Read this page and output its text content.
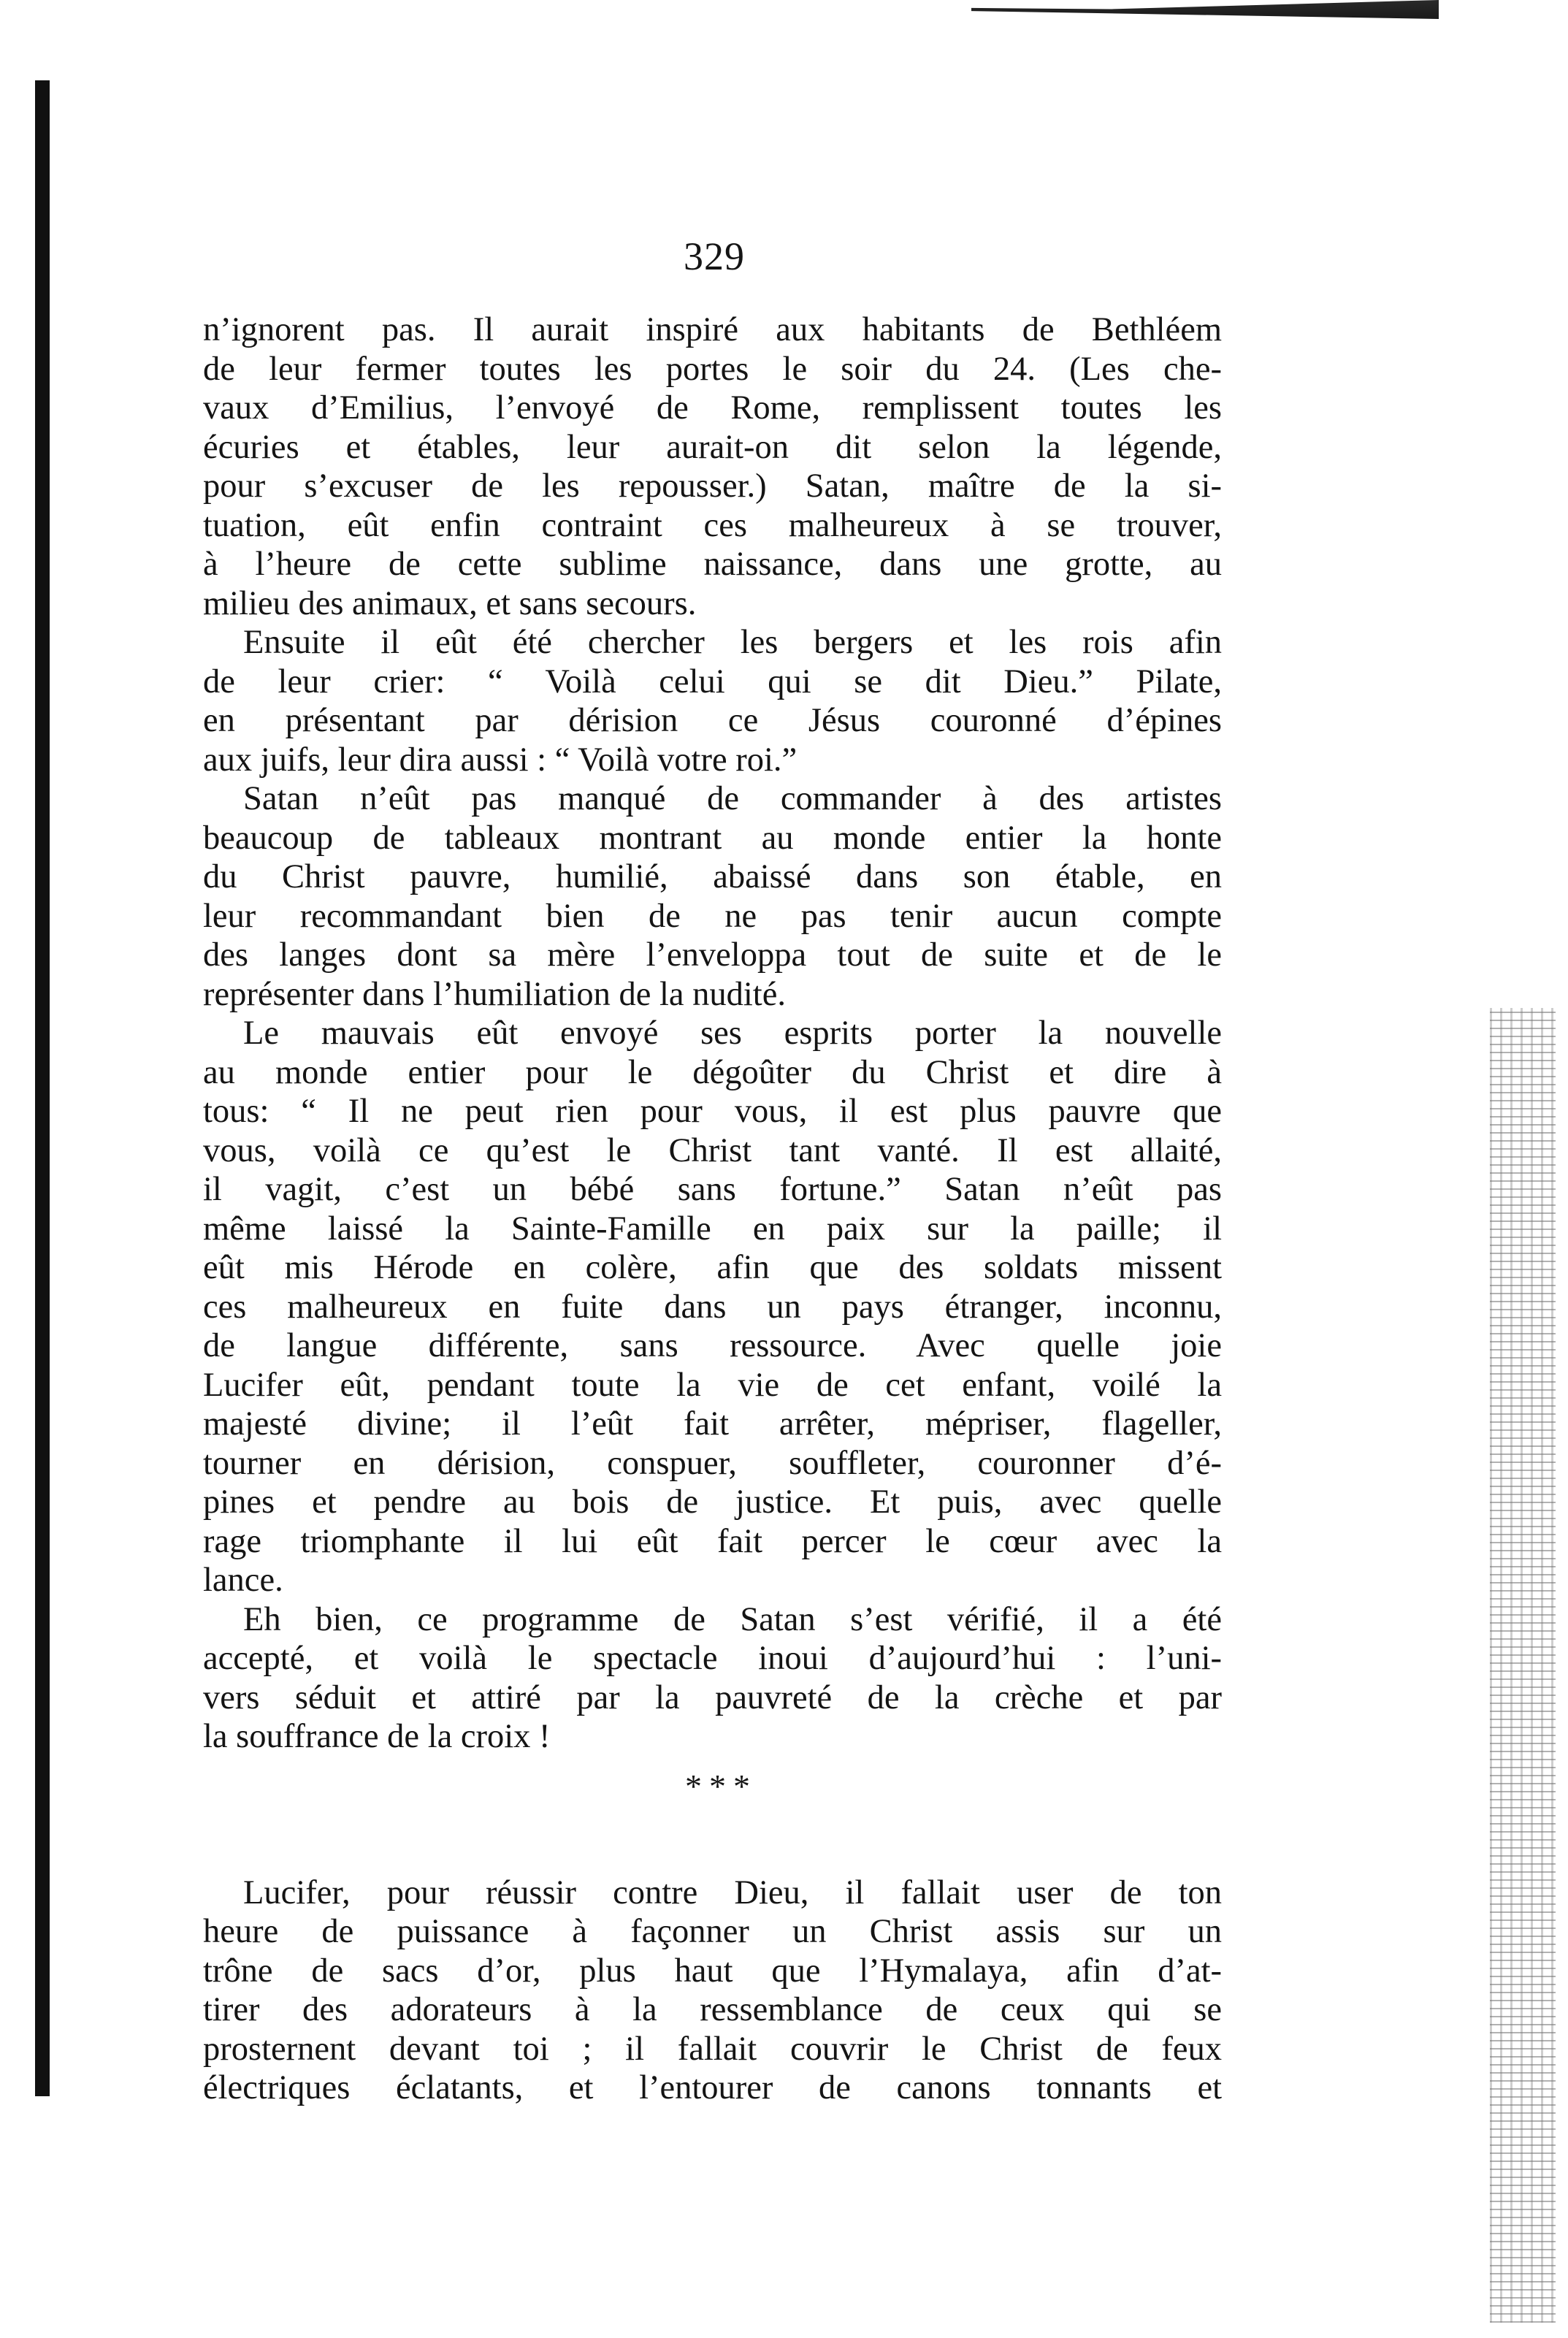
329
n’ignorent pas. Il aurait inspiré aux habitants de Bethléem
de leur fermer toutes les portes le soir du 24. (Les che-
vaux d’Emilius, l’envoyé de Rome, remplissent toutes les
écuries et étables, leur aurait-on dit selon la légende,
pour s’excuser de les repousser.) Satan, maître de la si-
tuation, eût enfin contraint ces malheureux à se trouver,
à l’heure de cette sublime naissance, dans une grotte, au
milieu des animaux, et sans secours.
Ensuite il eût été chercher les bergers et les rois afin
de leur crier: “ Voilà celui qui se dit Dieu.” Pilate,
en présentant par dérision ce Jésus couronné d’épines
aux juifs, leur dira aussi : “ Voilà votre roi.”
Satan n’eût pas manqué de commander à des artistes
beaucoup de tableaux montrant au monde entier la honte
du Christ pauvre, humilié, abaissé dans son étable, en
leur recommandant bien de ne pas tenir aucun compte
des langes dont sa mère l’enveloppa tout de suite et de le
représenter dans l’humiliation de la nudité.
Le mauvais eût envoyé ses esprits porter la nouvelle
au monde entier pour le dégoûter du Christ et dire à
tous: “ Il ne peut rien pour vous, il est plus pauvre que
vous, voilà ce qu’est le Christ tant vanté. Il est allaité,
il vagit, c’est un bébé sans fortune.” Satan n’eût pas
même laissé la Sainte-Famille en paix sur la paille; il
eût mis Hérode en colère, afin que des soldats missent
ces malheureux en fuite dans un pays étranger, inconnu,
de langue différente, sans ressource. Avec quelle joie
Lucifer eût, pendant toute la vie de cet enfant, voilé la
majesté divine; il l’eût fait arrêter, mépriser, flageller,
tourner en dérision, conspuer, souffleter, couronner d’é-
pines et pendre au bois de justice. Et puis, avec quelle
rage triomphante il lui eût fait percer le cœur avec la
lance.
Eh bien, ce programme de Satan s’est vérifié, il a été
accepté, et voilà le spectacle inoui d’aujourd’hui : l’uni-
vers séduit et attiré par la pauvreté de la crèche et par
la souffrance de la croix !
***
Lucifer, pour réussir contre Dieu, il fallait user de ton
heure de puissance à façonner un Christ assis sur un
trône de sacs d’or, plus haut que l’Hymalaya, afin d’at-
tirer des adorateurs à la ressemblance de ceux qui se
prosternent devant toi ; il fallait couvrir le Christ de feux
électriques éclatants, et l’entourer de canons tonnants et
